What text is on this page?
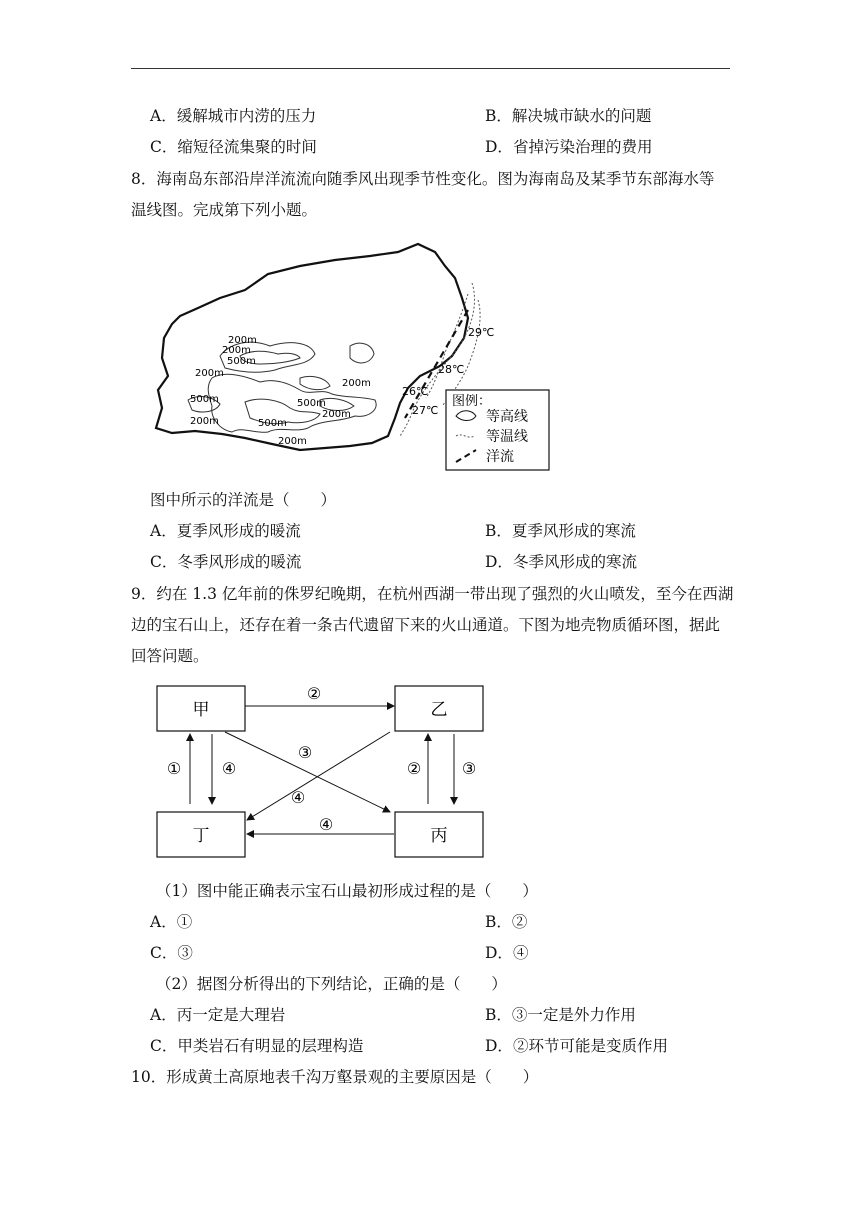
A．缓解城市内涝的压力	B．解决城市缺水的问题
C．缩短径流集聚的时间	D．省掉污染治理的费用
8．海南岛东部沿岸洋流流向随季风出现季节性变化。图为海南岛及某季节东部海水等
温线图。完成第下列小题。
200m
500m
200m
500m
200m
200m
500m
500m
200m
200m
200m
29℃
28℃
26℃
27℃
图例：
等高线
等温线
洋流
图中所示的洋流是（　　）
A．夏季风形成的暖流	B．夏季风形成的寒流
C．冬季风形成的暖流	D．冬季风形成的寒流
9．约在 1.3 亿年前的侏罗纪晚期，在杭州西湖一带出现了强烈的火山喷发，至今在西湖
边的宝石山上，还存在着一条古代遗留下来的火山通道。下图为地壳物质循环图，据此
回答问题。
甲	乙
丁	丙
②
③
④
④
①	④	②	③
（1）图中能正确表示宝石山最初形成过程的是（　　）
A．①	B．②
C．③	D．④
（2）据图分析得出的下列结论，正确的是（　　）
A．丙一定是大理岩	B．③一定是外力作用
C．甲类岩石有明显的层理构造	D．②环节可能是变质作用
10．形成黄土高原地表千沟万壑景观的主要原因是（　　）
